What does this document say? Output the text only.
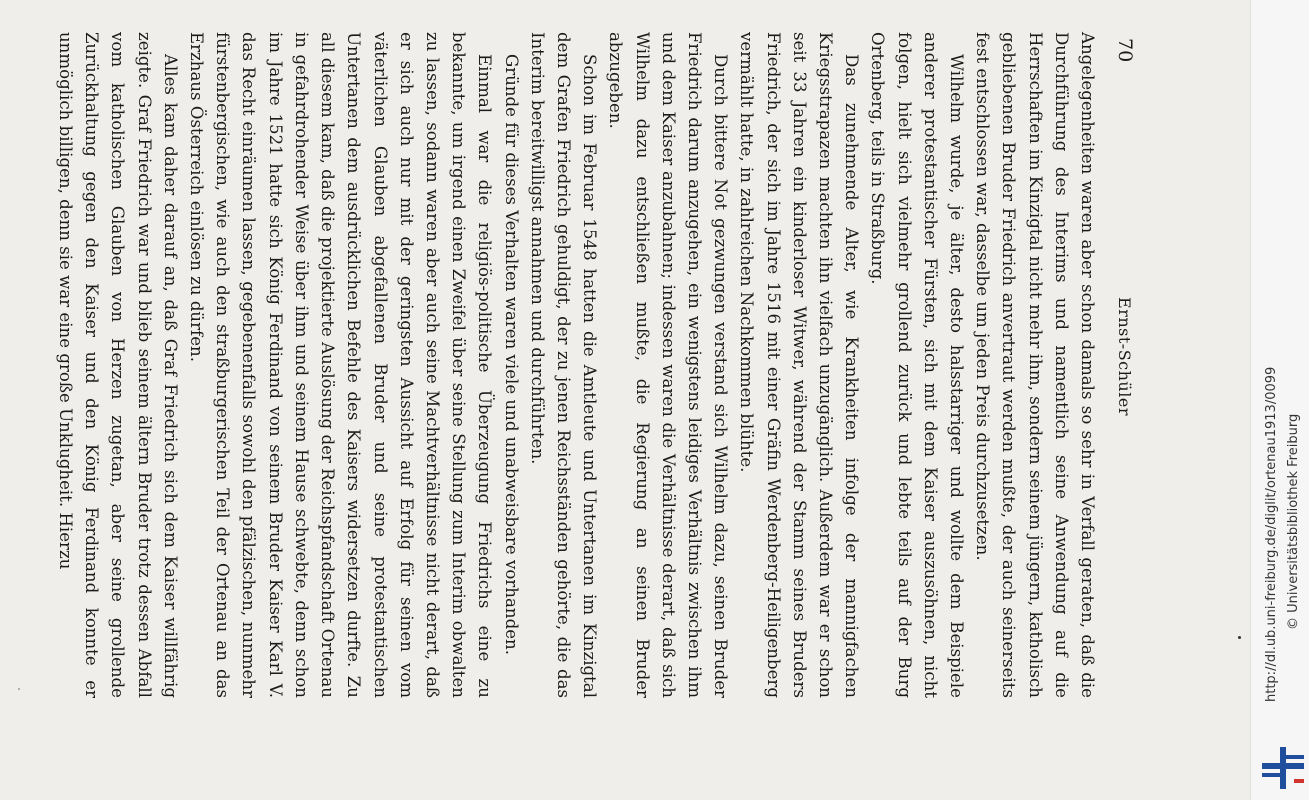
70
Ernst-Schüler

Angelegenheiten waren aber schon damals so sehr in Verfall geraten, daß die Durchführung des Interims und namentlich seine Anwendung auf die Herrschaften im Kinzigtal nicht mehr ihm, sondern seinem jüngern, katholisch gebliebenen Bruder Friedrich anvertraut werden mußte, der auch seinerseits fest entschlossen war, dasselbe um jeden Preis durchzusetzen.

Wilhelm wurde, je älter, desto halsstarriger und wollte dem Beispiele anderer protestantischer Fürsten, sich mit dem Kaiser auszusöhnen, nicht folgen, hielt sich vielmehr grollend zurück und lebte teils auf der Burg Ortenberg, teils in Straßburg.

Das zunehmende Alter, wie Krankheiten infolge der mannigfachen Kriegsstrapazen machten ihn vielfach unzugänglich. Außerdem war er schon seit 33 Jahren ein kinderloser Witwer, während der Stamm seines Bruders Friedrich, der sich im Jahre 1516 mit einer Gräfin Werdenberg-Heiligenberg vermählt hatte, in zahlreichen Nachkommen blühte.

Durch bittere Not gezwungen verstand sich Wilhelm dazu, seinen Bruder Friedrich darum anzugehen, ein wenigstens leidiges Verhältnis zwischen ihm und dem Kaiser anzubahnen; indessen waren die Verhältnisse derart, daß sich Wilhelm dazu entschließen mußte, die Regierung an seinen Bruder abzugeben.

Schon im Februar 1548 hatten die Amtleute und Untertanen im Kinzigtal dem Grafen Friedrich gehuldigt, der zu jenen Reichsständen gehörte, die das Interim bereitwilligst annahmen und durchführten.

Gründe für dieses Verhalten waren viele und unabweisbare vorhanden.

Einmal war die religiös-politische Überzeugung Friedrichs eine zu bekannte, um irgend einen Zweifel über seine Stellung zum Interim obwalten zu lassen, sodann waren aber auch seine Machtverhältnisse nicht derart, daß er sich auch nur mit der geringsten Aussicht auf Erfolg für seinen vom väterlichen Glauben abgefallenen Bruder und seine protestantischen Untertanen dem ausdrücklichen Befehle des Kaisers widersetzen durfte. Zu all diesem kam, daß die projektierte Auslösung der Reichspfandschaft Ortenau in gefahrdrohender Weise über ihm und seinem Hause schwebte, denn schon im Jahre 1521 hatte sich König Ferdinand von seinem Bruder Kaiser Karl V. das Recht einräumen lassen, gegebenenfalls sowohl den pfälzischen, nunmehr fürstenbergischen, wie auch den straßburgerischen Teil der Ortenau an das Erzhaus Österreich einlösen zu dürfen.

Alles kam daher darauf an, daß Graf Friedrich sich dem Kaiser willfährig zeigte. Graf Friedrich war und blieb seinem ältern Bruder trotz dessen Abfall vom katholischen Glauben von Herzen zugetan, aber seine grollende Zurückhaltung gegen den Kaiser und den König Ferdinand konnte er unmöglich billigen, denn sie war eine große Unklugheit. Hierzu	http://dl.ub.uni-freiburg.de/diglit/ortenau1913/0099 © Universitätsbibliothek Freiburg
